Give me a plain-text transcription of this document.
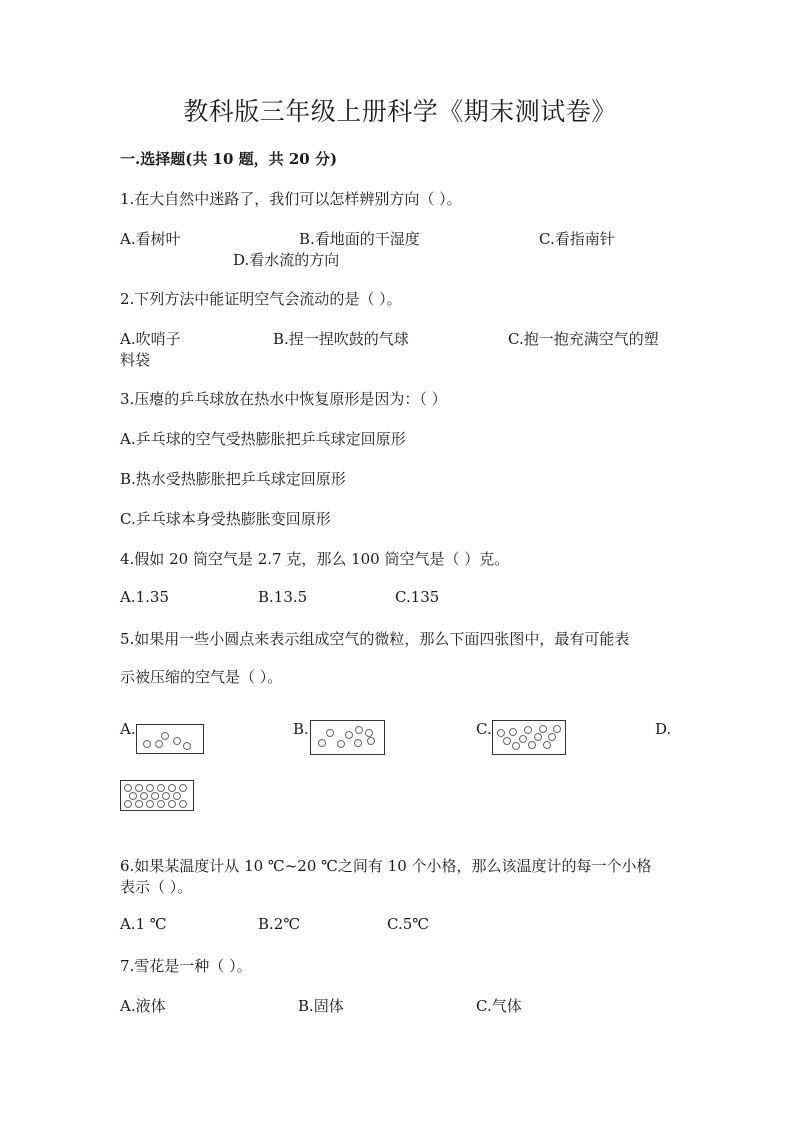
教科版三年级上册科学《期末测试卷》
一.选择题(共 10 题，共 20 分)
1.在大自然中迷路了，我们可以怎样辨别方向（ ）。
A.看树叶	B.看地面的干湿度	C.看指南针
D.看水流的方向
2.下列方法中能证明空气会流动的是（ ）。
A.吹哨子	B.捏一捏吹鼓的气球	C.抱一抱充满空气的塑
料袋
3.压瘪的乒乓球放在热水中恢复原形是因为：（ ）
A.乒乓球的空气受热膨胀把乒乓球定回原形
B.热水受热膨胀把乒乓球定回原形
C.乒乓球本身受热膨胀变回原形
4.假如 20 筒空气是 2.7 克，那么 100 筒空气是（ ）克。
A.1.35	B.13.5	C.135
5.如果用一些小圆点来表示组成空气的微粒，那么下面四张图中，最有可能表
示被压缩的空气是（ ）。
A.	B.	C.	D.
6.如果某温度计从 10 ℃~20 ℃之间有 10 个小格，那么该温度计的每一个小格
表示（ ）。
A.1 ℃	B.2℃	C.5℃
7.雪花是一种（ ）。
A.液体	B.固体	C.气体
